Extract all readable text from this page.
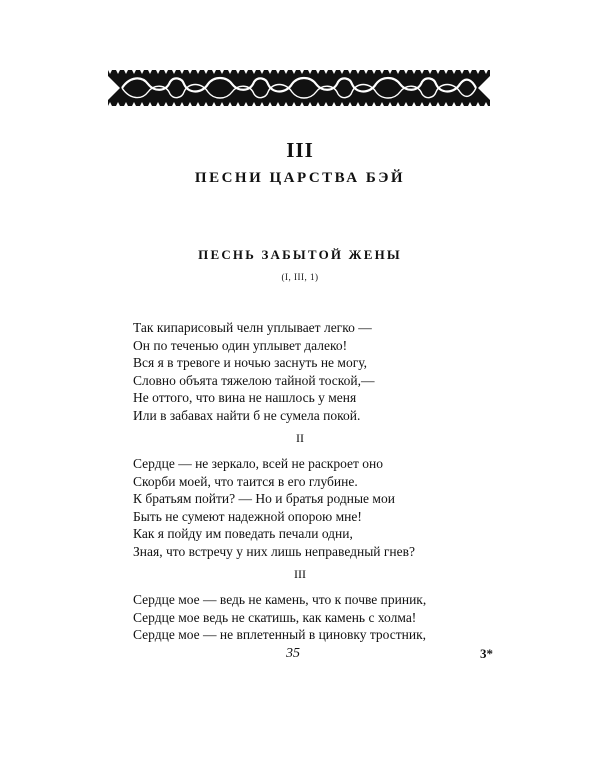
III
ПЕСНИ ЦАРСТВА БЭЙ
ПЕСНЬ ЗАБЫТОЙ ЖЕНЫ
(I, III, 1)
Так кипарисовый челн уплывает легко —
Он по теченью один уплывет далеко!
Вся я в тревоге и ночью заснуть не могу,
Словно объята тяжелою тайной тоской,—
Не оттого, что вина не нашлось у меня
Или в забавах найти б не сумела покой.
II
Сердце — не зеркало, всей не раскроет оно
Скорби моей, что таится в его глубине.
К братьям пойти? — Но и братья родные мои
Быть не сумеют надежной опорою мне!
Как я пойду им поведать печали одни,
Зная, что встречу у них лишь неправедный гнев?
III
Сердце мое — ведь не камень, что к почве приник,
Сердце мое ведь не скатишь, как камень с холма!
Сердце мое — не вплетенный в циновку тростник,
35	3*
